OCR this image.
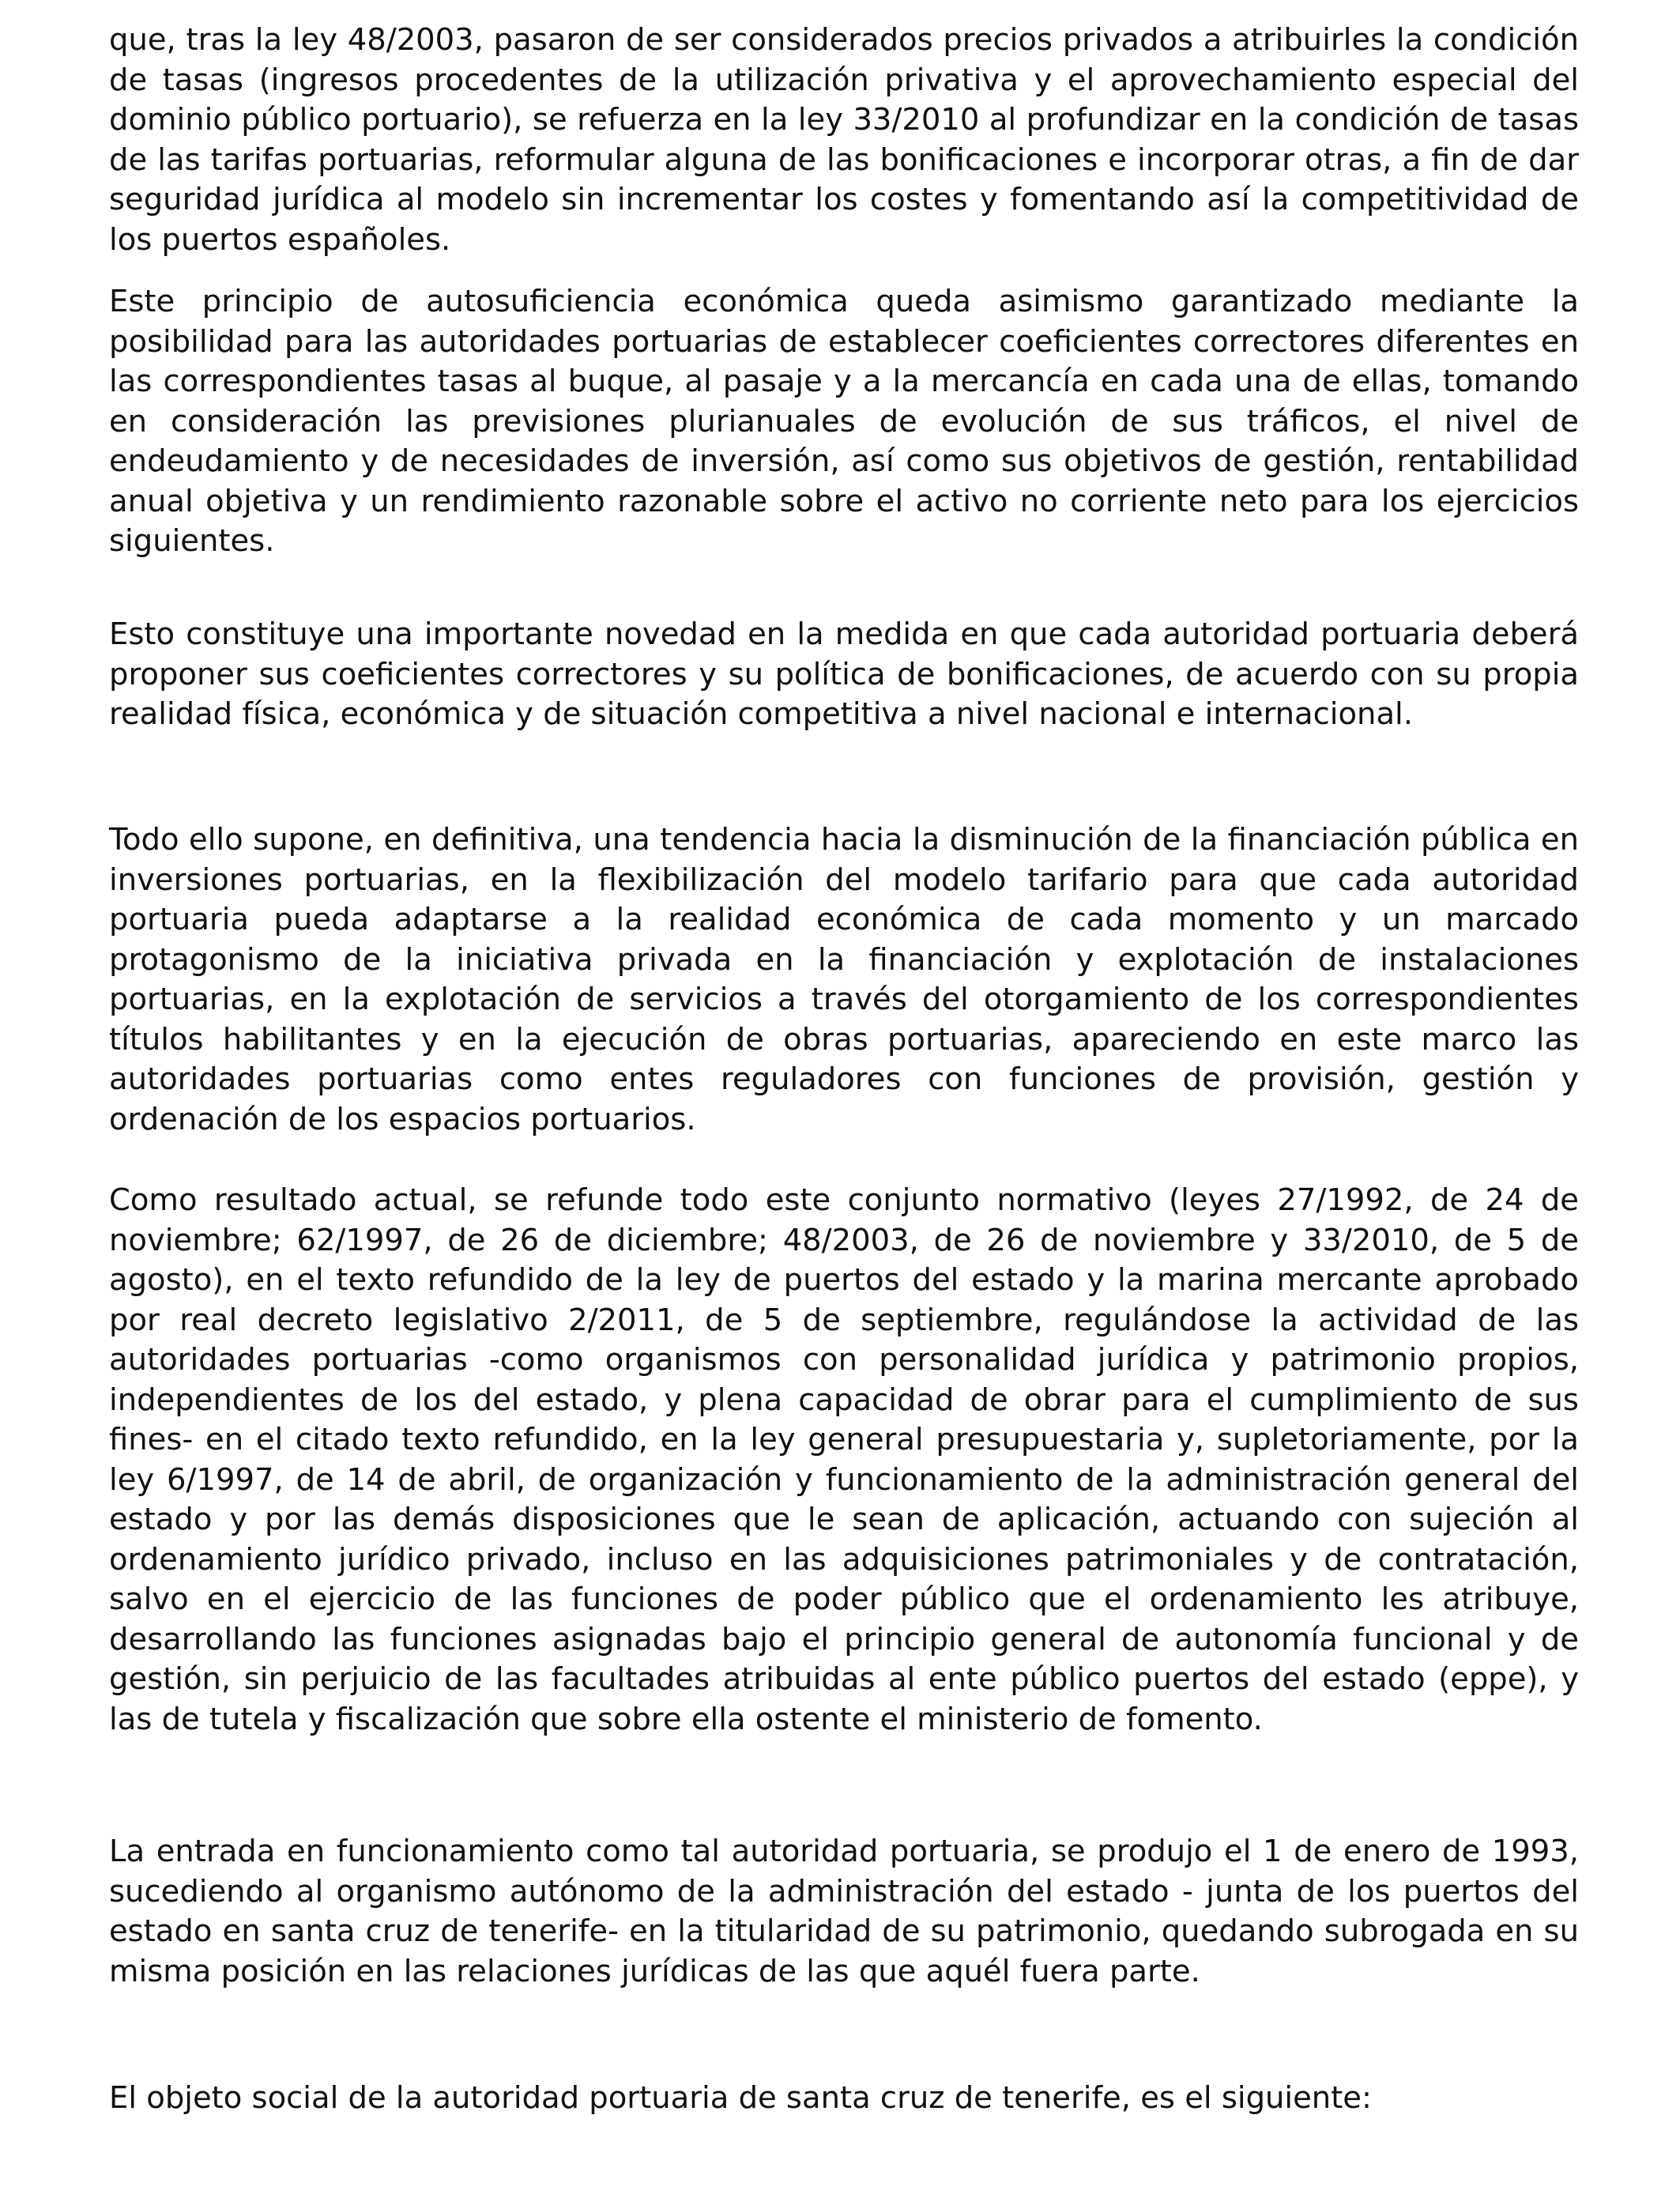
que, tras la ley 48/2003, pasaron de ser considerados precios privados a atribuirles la condición de tasas (ingresos procedentes de la utilización privativa y el aprovechamiento especial del dominio público portuario), se refuerza en la ley 33/2010 al profundizar en la condición de tasas de las tarifas portuarias, reformular alguna de las bonificaciones e incorporar otras, a fin de dar seguridad jurídica al modelo sin incrementar los costes y fomentando así la competitividad de los puertos españoles.

Este principio de autosuficiencia económica queda asimismo garantizado mediante la posibilidad para las autoridades portuarias de establecer coeficientes correctores diferentes en las correspondientes tasas al buque, al pasaje y a la mercancía en cada una de ellas, tomando en consideración las previsiones plurianuales de evolución de sus tráficos, el nivel de endeudamiento y de necesidades de inversión, así como sus objetivos de gestión, rentabilidad anual objetiva y un rendimiento razonable sobre el activo no corriente neto para los ejercicios siguientes.

Esto constituye una importante novedad en la medida en que cada autoridad portuaria deberá proponer sus coeficientes correctores y su política de bonificaciones, de acuerdo con su propia realidad física, económica y de situación competitiva a nivel nacional e internacional.

Todo ello supone, en definitiva, una tendencia hacia la disminución de la financiación pública en inversiones portuarias, en la flexibilización del modelo tarifario para que cada autoridad portuaria pueda adaptarse a la realidad económica de cada momento y un marcado protagonismo de la iniciativa privada en la financiación y explotación de instalaciones portuarias, en la explotación de servicios a través del otorgamiento de los correspondientes títulos habilitantes y en la ejecución de obras portuarias, apareciendo en este marco las autoridades portuarias como entes reguladores con funciones de provisión, gestión y ordenación de los espacios portuarios.

Como resultado actual, se refunde todo este conjunto normativo (leyes 27/1992, de 24 de noviembre; 62/1997, de 26 de diciembre; 48/2003, de 26 de noviembre y 33/2010, de 5 de agosto), en el texto refundido de la ley de puertos del estado y la marina mercante aprobado por real decreto legislativo 2/2011, de 5 de septiembre, regulándose la actividad de las autoridades portuarias -como organismos con personalidad jurídica y patrimonio propios, independientes de los del estado, y plena capacidad de obrar para el cumplimiento de sus fines- en el citado texto refundido, en la ley general presupuestaria y, supletoriamente, por la ley 6/1997, de 14 de abril, de organización y funcionamiento de la administración general del estado y por las demás disposiciones que le sean de aplicación, actuando con sujeción al ordenamiento jurídico privado, incluso en las adquisiciones patrimoniales y de contratación, salvo en el ejercicio de las funciones de poder público que el ordenamiento les atribuye, desarrollando las funciones asignadas bajo el principio general de autonomía funcional y de gestión, sin perjuicio de las facultades atribuidas al ente público puertos del estado (eppe), y las de tutela y fiscalización que sobre ella ostente el ministerio de fomento.

La entrada en funcionamiento como tal autoridad portuaria, se produjo el 1 de enero de 1993, sucediendo al organismo autónomo de la administración del estado - junta de los puertos del estado en santa cruz de tenerife- en la titularidad de su patrimonio, quedando subrogada en su misma posición en las relaciones jurídicas de las que aquél fuera parte.

El objeto social de la autoridad portuaria de santa cruz de tenerife, es el siguiente:
